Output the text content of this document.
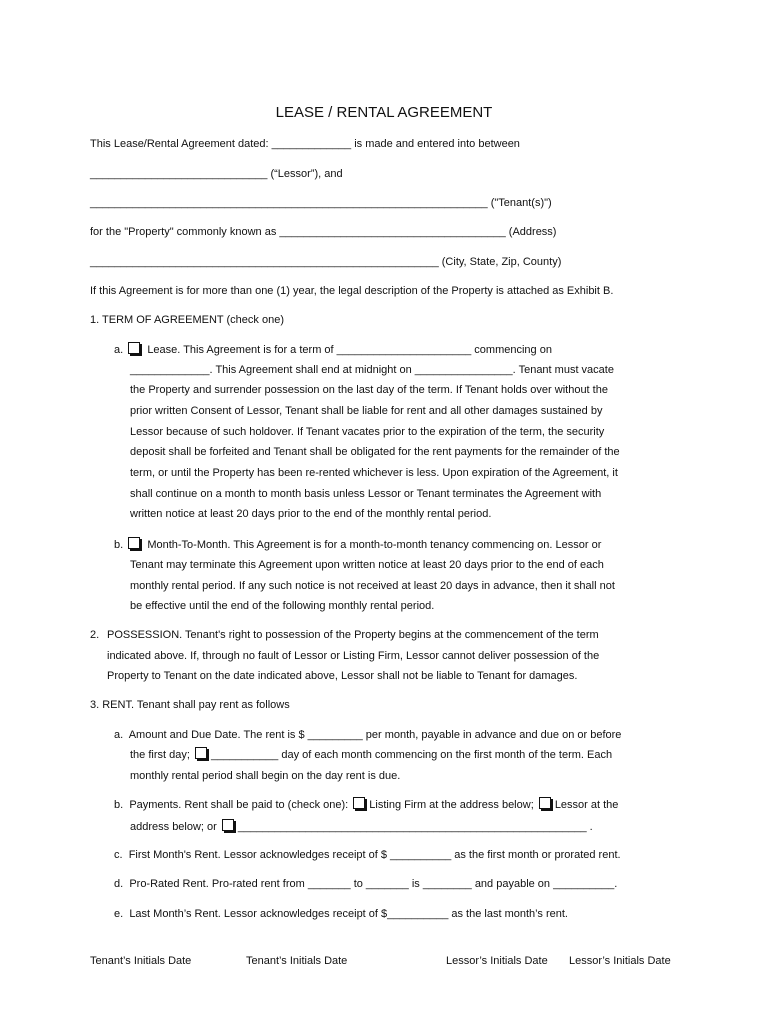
LEASE / RENTAL AGREEMENT
This Lease/Rental Agreement dated: _____________ is made and entered into between
_____________________________ (“Lessor”), and
_________________________________________________________________ ("Tenant(s)")
for the "Property" commonly known as _____________________________________ (Address)
_________________________________________________________ (City, State, Zip, County)
If this Agreement is for more than one (1) year, the legal description of the Property is attached as Exhibit B.
1. TERM OF AGREEMENT (check one)
a. Lease. This Agreement is for a term of ______________________ commencing on
_____________. This Agreement shall end at midnight on ________________. Tenant must vacate
the Property and surrender possession on the last day of the term. If Tenant holds over without the
prior written Consent of Lessor, Tenant shall be liable for rent and all other damages sustained by
Lessor because of such holdover. If Tenant vacates prior to the expiration of the term, the security
deposit shall be forfeited and Tenant shall be obligated for the rent payments for the remainder of the
term, or until the Property has been re-rented whichever is less. Upon expiration of the Agreement, it
shall continue on a month to month basis unless Lessor or Tenant terminates the Agreement with
written notice at least 20 days prior to the end of the monthly rental period.
b. Month-To-Month. This Agreement is for a month-to-month tenancy commencing on. Lessor or
Tenant may terminate this Agreement upon written notice at least 20 days prior to the end of each
monthly rental period. If any such notice is not received at least 20 days in advance, then it shall not
be effective until the end of the following monthly rental period.
2. POSSESSION. Tenant's right to possession of the Property begins at the commencement of the term
indicated above. If, through no fault of Lessor or Listing Firm, Lessor cannot deliver possession of the
Property to Tenant on the date indicated above, Lessor shall not be liable to Tenant for damages.
3. RENT. Tenant shall pay rent as follows
a. Amount and Due Date. The rent is $ _________ per month, payable in advance and due on or before
the first day; ___________ day of each month commencing on the first month of the term. Each
monthly rental period shall begin on the day rent is due.
b. Payments. Rent shall be paid to (check one): Listing Firm at the address below; Lessor at the
address below; or _________________________________________________________ .
c. First Month's Rent. Lessor acknowledges receipt of $ __________ as the first month or prorated rent.
d. Pro-Rated Rent. Pro-rated rent from _______ to _______ is ________ and payable on __________.
e. Last Month’s Rent. Lessor acknowledges receipt of $__________ as the last month’s rent.
Tenant’s Initials Date	Tenant’s Initials Date	Lessor’s Initials Date Lessor’s Initials Date
